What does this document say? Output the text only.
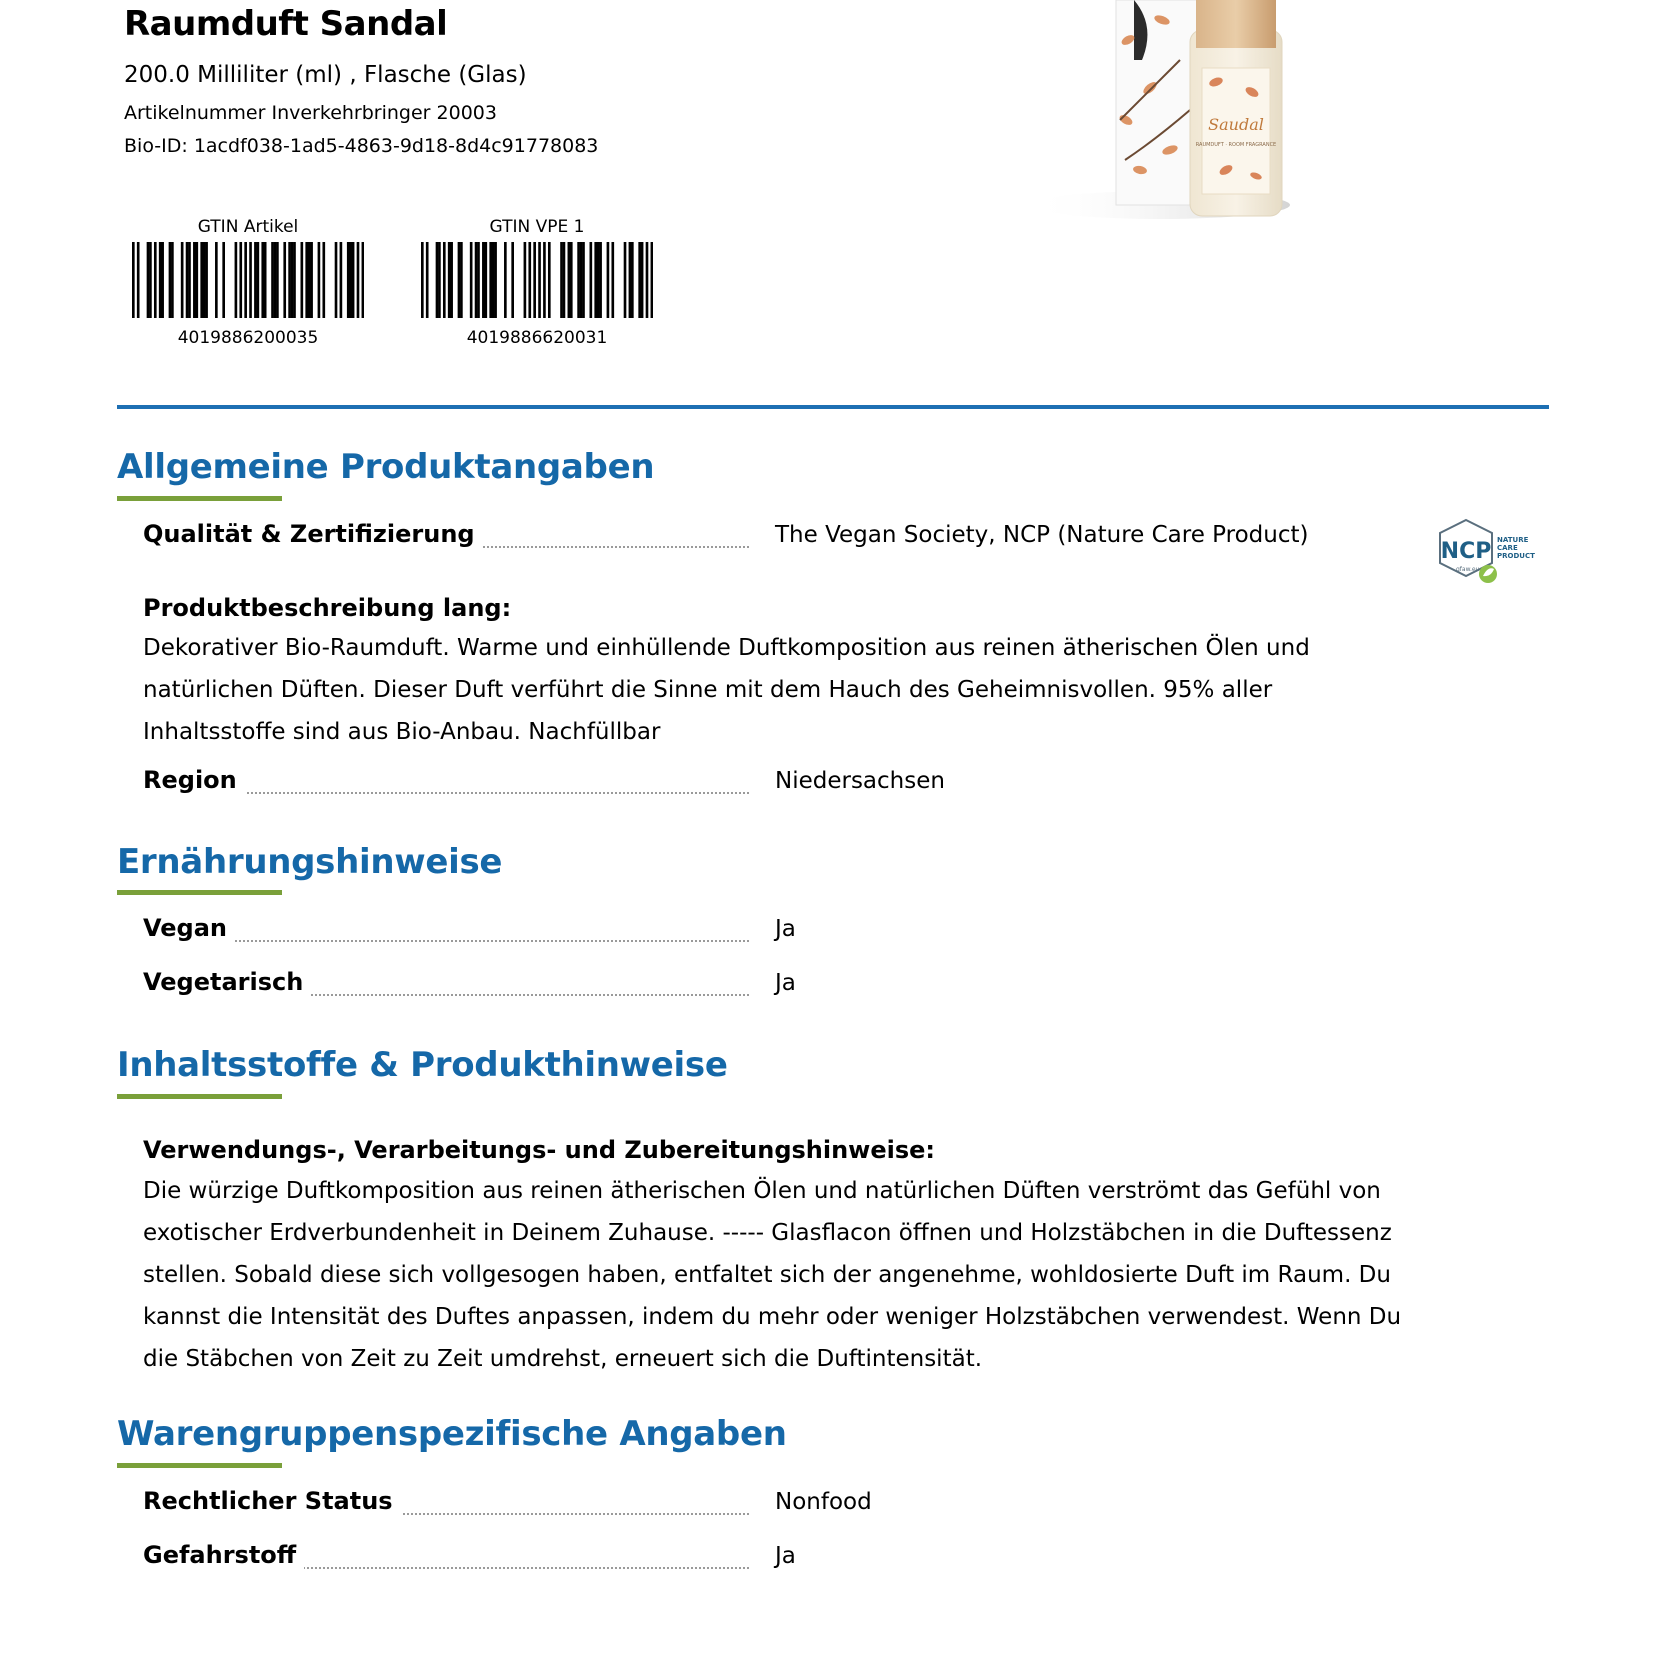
Raumduft Sandal
200.0 Milliliter (ml) , Flasche (Glas)
Artikelnummer Inverkehrbringer 20003
Bio-ID: 1acdf038-1ad5-4863-9d18-8d4c91778083
GTIN Artikel
4019886200035
GTIN VPE 1
4019886620031
Saudal
RAUMDUFT · ROOM FRAGRANCE
Allgemeine Produktangaben
Qualität & Zertifizierung	The Vegan Society, NCP (Nature Care Product)
NCP NATURE
CARE
PRODUCT
gfaw.eu
Produktbeschreibung lang:
Dekorativer Bio-Raumduft. Warme und einhüllende Duftkomposition aus reinen ätherischen Ölen und
natürlichen Düften. Dieser Duft verführt die Sinne mit dem Hauch des Geheimnisvollen. 95% aller
Inhaltsstoffe sind aus Bio-Anbau. Nachfüllbar
Region	Niedersachsen
Ernährungshinweise
Vegan	Ja
Vegetarisch	Ja
Inhaltsstoffe & Produkthinweise
Verwendungs-, Verarbeitungs- und Zubereitungshinweise:
Die würzige Duftkomposition aus reinen ätherischen Ölen und natürlichen Düften verströmt das Gefühl von
exotischer Erdverbundenheit in Deinem Zuhause. ----- Glasflacon öffnen und Holzstäbchen in die Duftessenz
stellen. Sobald diese sich vollgesogen haben, entfaltet sich der angenehme, wohldosierte Duft im Raum. Du
kannst die Intensität des Duftes anpassen, indem du mehr oder weniger Holzstäbchen verwendest. Wenn Du
die Stäbchen von Zeit zu Zeit umdrehst, erneuert sich die Duftintensität.
Warengruppenspezifische Angaben
Rechtlicher Status	Nonfood
Gefahrstoff	Ja
